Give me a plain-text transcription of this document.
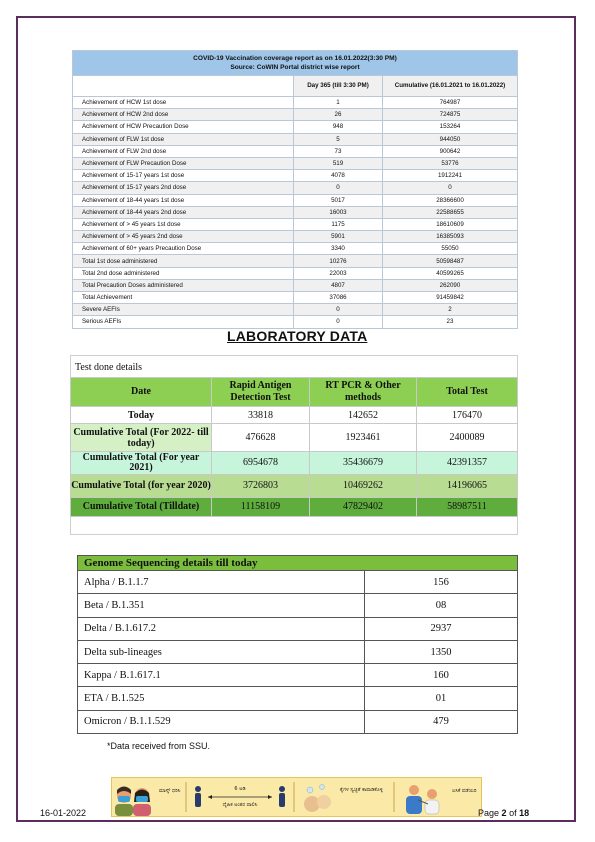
COVID-19 Vaccination coverage report as on 16.01.2022(3:30 PM)
Source: CoWIN Portal district wise report		
	Day 365 (till 3:30 PM)	Cumulative (16.01.2021 to 16.01.2022)
Achievement of HCW 1st dose	1	764987
Achievement of HCW 2nd dose	26	724875
Achievement of HCW Precaution Dose	948	153264
Achievement of FLW 1st dose	5	944050
Achievement of FLW 2nd dose	73	900642
Achievement of FLW Precaution Dose	519	53776
Achievement of 15-17 years 1st dose	4078	1912241
Achievement of 15-17 years 2nd dose	0	0
Achievement of 18-44 years 1st dose	5017	28366600
Achievement of 18-44 years 2nd dose	16003	22588655
Achievement of > 45 years 1st dose	1175	18610609
Achievement of > 45 years 2nd dose	5901	16385093
Achievement of 60+ years Precaution Dose	3340	55050
Total 1st dose administered	10276	50598487
Total 2nd dose administered	22003	40599265
Total Precaution Doses administered	4807	262090
Total Achievement	37086	91459842
Severe AEFIs	0	2
Serious AEFIs	0	23
LABORATORY DATA
Test done details
Date	Rapid Antigen Detection Test	RT PCR & Other methods	Total Test
Today	33818	142652	176470
Cumulative Total (For 2022- till today)	476628	1923461	2400089
Cumulative Total (For year 2021)	6954678	35436679	42391357
Cumulative Total (for year 2020)	3726803	10469262	14196065
Cumulative Total (Tilldate)	11158109	47829402	58987511
Genome Sequencing details till today	
Alpha / B.1.1.7	156
Beta / B.1.351	08
Delta / B.1.617.2	2937
Delta sub-lineages	1350
Kappa / B.1.617.1	160
ETA / B.1.525	01
Omicron / B.1.1.529	479
*Data received from SSU.
ಮಾಸ್ಕ್ ಧರಿಸಿ	6 ಅಡಿ
ದೈಹಿಕ ಅಂತರ ಪಾಲಿಸಿ
ಕೈಗಳ ಸ್ವಚ್ಛತೆ ಕಾಪಾಡಿಕೊಳ್ಳಿ	ಲಸಿಕೆ ಪಡೆಯಿರಿ
16-01-2022	Page 2 of 18
